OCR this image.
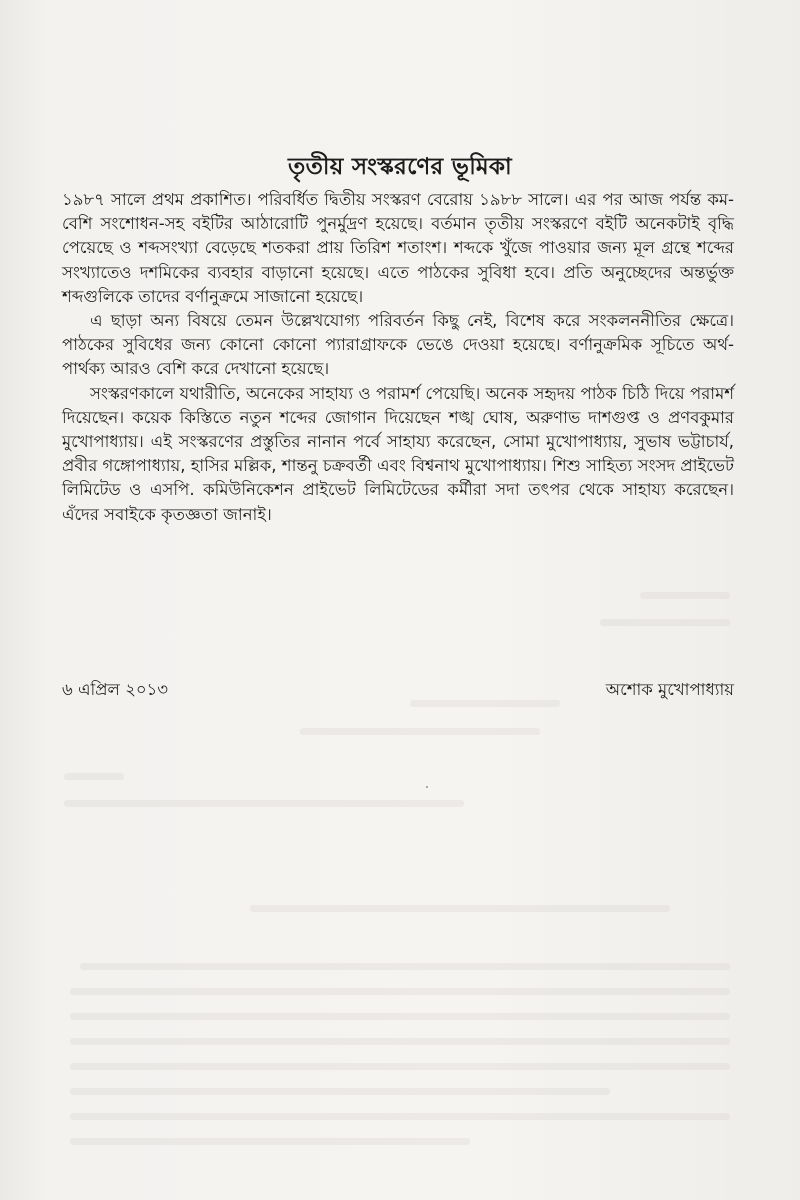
তৃতীয় সংস্করণের ভূমিকা

১৯৮৭ সালে প্রথম প্রকাশিত। পরিবর্ধিত দ্বিতীয় সংস্করণ বেরোয় ১৯৮৮ সালে। এর পর আজ পর্যন্ত কম-বেশি সংশোধন-সহ বইটির আঠারোটি পুনর্মুদ্রণ হয়েছে। বর্তমান তৃতীয় সংস্করণে বইটি অনেকটাই বৃদ্ধি পেয়েছে ও শব্দসংখ্যা বেড়েছে শতকরা প্রায় তিরিশ শতাংশ। শব্দকে খুঁজে পাওয়ার জন্য মূল গ্রন্থে শব্দের সংখ্যাতেও দশমিকের ব্যবহার বাড়ানো হয়েছে। এতে পাঠকের সুবিধা হবে। প্রতি অনুচ্ছেদের অন্তর্ভুক্ত শব্দগুলিকে তাদের বর্ণানুক্রমে সাজানো হয়েছে।

এ ছাড়া অন্য বিষয়ে তেমন উল্লেখযোগ্য পরিবর্তন কিছু নেই, বিশেষ করে সংকলননীতির ক্ষেত্রে। পাঠকের সুবিধের জন্য কোনো কোনো প্যারাগ্রাফকে ভেঙে দেওয়া হয়েছে। বর্ণানুক্রমিক সূচিতে অর্থ-পার্থক্য আরও বেশি করে দেখানো হয়েছে।

সংস্করণকালে যথারীতি, অনেকের সাহায্য ও পরামর্শ পেয়েছি। অনেক সহৃদয় পাঠক চিঠি দিয়ে পরামর্শ দিয়েছেন। কয়েক কিস্তিতে নতুন শব্দের জোগান দিয়েছেন শঙ্খ ঘোষ, অরুণাভ দাশগুপ্ত ও প্রণবকুমার মুখোপাধ্যায়। এই সংস্করণের প্রস্তুতির নানান পর্বে সাহায্য করেছেন, সোমা মুখোপাধ্যায়, সুভাষ ভট্টাচার্য, প্রবীর গঙ্গোপাধ্যায়, হাসির মল্লিক, শান্তনু চক্রবর্তী এবং বিশ্বনাথ মুখোপাধ্যায়। শিশু সাহিত্য সংসদ প্রাইভেট লিমিটেড ও এসপি. কমিউনিকেশন প্রাইভেট লিমিটেডের কর্মীরা সদা তৎপর থেকে সাহায্য করেছেন। এঁদের সবাইকে কৃতজ্ঞতা জানাই।

৬ এপ্রিল ২০১৩	অশোক মুখোপাধ্যায়
